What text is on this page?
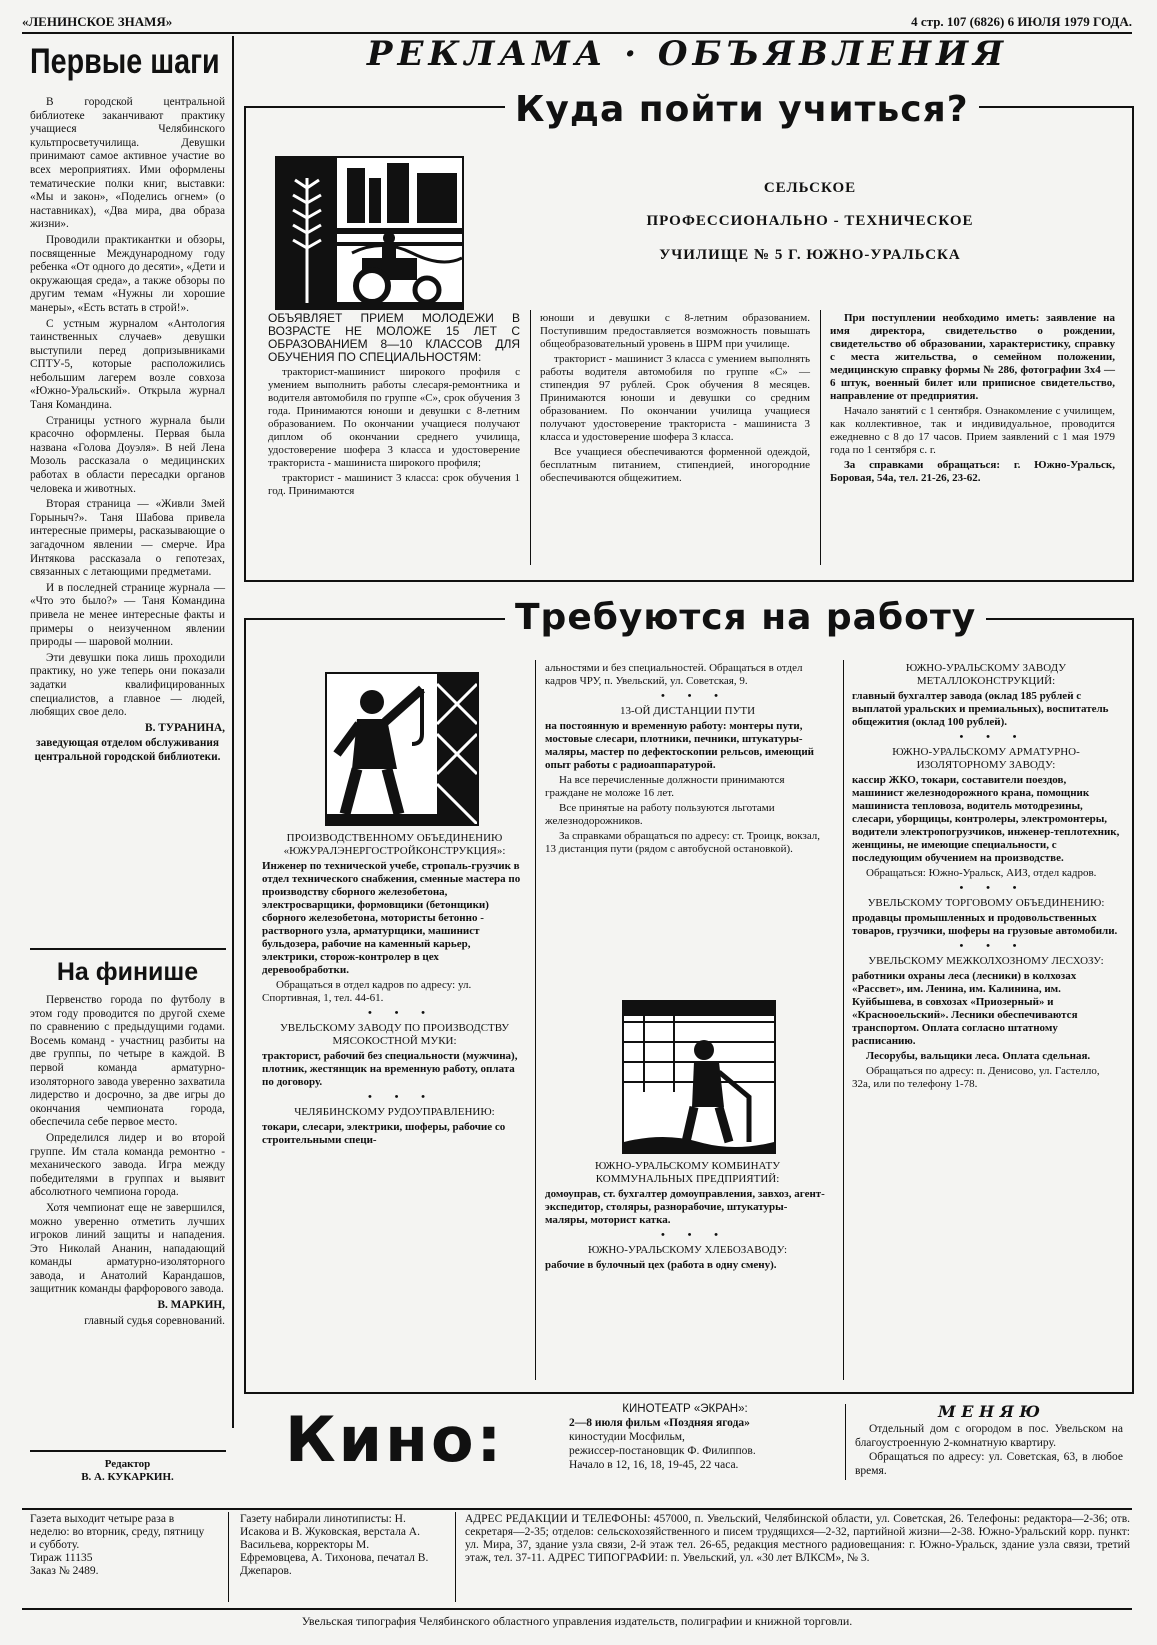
«ЛЕНИНСКОЕ ЗНАМЯ»	4 стр. 107 (6826) 6 ИЮЛЯ 1979 ГОДА.
Первые шаги

В городской центральной библиотеке заканчивают практику учащиеся Челябинского культпросветучилища. Девушки принимают самое активное участие во всех мероприятиях. Ими оформлены тематические полки книг, выставки: «Мы и закон», «Поделись огнем» (о наставниках), «Два мира, два образа жизни».

Проводили практикантки и обзоры, посвященные Международному году ребенка «От одного до десяти», «Дети и окружающая среда», а также обзоры по другим темам «Нужны ли хорошие манеры», «Есть встать в строй!».

С устным журналом «Антология таинственных случаев» девушки выступили перед допризывниками СПТУ-5, которые расположились небольшим лагерем возле совхоза «Южно-Уральский». Открыла журнал Таня Командина.

Страницы устного журнала были красочно оформлены. Первая была названа «Голова Доуэля». В ней Лена Мозоль рассказала о медицинских работах в области пересадки органов человека и животных.

Вторая страница — «Живли Змей Горыныч?». Таня Шабова привела интересные примеры, расказывающие о загадочном явлении — смерче. Ира Интякова рассказала о гепотезах, связанных с летающими предметами.

И в последней странице журнала — «Что это было?» — Таня Командина привела не менее интересные факты и примеры о неизученном явлении природы — шаровой молнии.

Эти девушки пока лишь проходили практику, но уже теперь они показали задатки квалифицированных специалистов, а главное — людей, любящих свое дело.

В. ТУРАНИНА,

заведующая отделом обслуживания центральной городской библиотеки.

На финише

Первенство города по футболу в этом году проводится по другой схеме по сравнению с предыдущими годами. Восемь команд - участниц разбиты на две группы, по четыре в каждой. В первой команда арматурно-изоляторного завода уверенно захватила лидерство и досрочно, за две игры до окончания чемпионата города, обеспечила себе первое место.

Определился лидер и во второй группе. Им стала команда ремонтно - механического завода. Игра между победителями в группах и выявит абсолютного чемпиона города.

Хотя чемпионат еще не завершился, можно уверенно отметить лучших игроков линий защиты и нападения. Это Николай Ананин, нападающий команды арматурно-изоляторного завода, и Анатолий Карандашов, защитник команды фарфорового завода.

В. МАРКИН,

главный судья соревнований.

Редактор
В. А. КУКАРКИН.
РЕКЛАМА · ОБЪЯВЛЕНИЯ
Куда пойти учиться?
СЕЛЬСКОЕ
ПРОФЕССИОНАЛЬНО - ТЕХНИЧЕСКОЕ
УЧИЛИЩЕ № 5 Г. ЮЖНО-УРАЛЬСКА

ОБЪЯВЛЯЕТ ПРИЕМ МОЛОДЕЖИ В ВОЗРАСТЕ НЕ МОЛОЖЕ 15 ЛЕТ С ОБРАЗОВАНИЕМ 8—10 КЛАССОВ ДЛЯ ОБУЧЕНИЯ ПО СПЕЦИАЛЬНОСТЯМ:

тракторист-машинист широкого профиля с умением выполнить работы слесаря-ремонтника и водителя автомобиля по группе «С», срок обучения 3 года. Принимаются юноши и девушки с 8-летним образованием. По окончании учащиеся получают диплом об окончании среднего училища, удостоверение шофера 3 класса и удостоверение тракториста - машиниста широкого профиля;

тракторист - машинист 3 класса: срок обучения 1 год. Принимаются

юноши и девушки с 8-летним образованием. Поступившим предоставляется возможность повышать общеобразовательный уровень в ШРМ при училище.

тракторист - машинист 3 класса с умением выполнять работы водителя автомобиля по группе «С» — стипендия 97 рублей. Срок обучения 8 месяцев. Принимаются юноши и девушки со средним образованием. По окончании училища учащиеся получают удостоверение тракториста - машиниста 3 класса и удостоверение шофера 3 класса.

Все учащиеся обеспечиваются форменной одеждой, бесплатным питанием, стипендией, иногородние обеспечиваются общежитием.

При поступлении необходимо иметь: заявление на имя директора, свидетельство о рождении, свидетельство об образовании, характеристику, справку с места жительства, о семейном положении, медицинскую справку формы № 286, фотографии 3х4 — 6 штук, военный билет или приписное свидетельство, направление от предприятия.

Начало занятий с 1 сентября. Ознакомление с училищем, как коллективное, так и индивидуальное, проводится ежедневно с 8 до 17 часов. Прием заявлений с 1 мая 1979 года по 1 сентября с. г.

За справками обращаться: г. Южно-Уральск, Боровая, 54а, тел. 21-26, 23-62.

Требуются на работу

ПРОИЗВОДСТВЕННОМУ ОБЪЕДИНЕНИЮ «ЮЖУРАЛЭНЕРГОСТРОЙКОНСТРУКЦИЯ»:

Инженер по технической учебе, стропаль-грузчик в отдел технического снабжения, сменные мастера по производству сборного железобетона, электросварщики, формовщики (бетонщики) сборного железобетона, мотористы бетонно - растворного узла, арматурщики, машинист бульдозера, рабочие на каменный карьер, электрики, сторож-контролер в цех деревообработки.

Обращаться в отдел кадров по адресу: ул. Спортивная, 1, тел. 44-61.

• • •

УВЕЛЬСКОМУ ЗАВОДУ ПО ПРОИЗВОДСТВУ МЯСОКОСТНОЙ МУКИ:

тракторист, рабочий без специальности (мужчина), плотник, жестянщик на временную работу, оплата по договору.

• • •

ЧЕЛЯБИНСКОМУ РУДОУПРАВЛЕНИЮ:

токари, слесари, электрики, шоферы, рабочие со строительными специ-

альностями и без специальностей. Обращаться в отдел кадров ЧРУ, п. Увельский, ул. Советская, 9.

• • •

13-ОЙ ДИСТАНЦИИ ПУТИ

на постоянную и временную работу: монтеры пути, мостовые слесари, плотники, печники, штукатуры-маляры, мастер по дефектоскопии рельсов, имеющий опыт работы с радиоаппаратурой.

На все перечисленные должности принимаются граждане не моложе 16 лет.

Все принятые на работу пользуются льготами железнодорожников.

За справками обращаться по адресу: ст. Троицк, вокзал, 13 дистанция пути (рядом с автобусной остановкой).

ЮЖНО-УРАЛЬСКОМУ КОМБИНАТУ КОММУНАЛЬНЫХ ПРЕДПРИЯТИЙ:

домоуправ, ст. бухгалтер домоуправления, завхоз, агент-экспедитор, столяры, разнорабочие, штукатуры-маляры, моторист катка.

• • •

ЮЖНО-УРАЛЬСКОМУ ХЛЕБОЗАВОДУ:

рабочие в булочный цех (работа в одну смену).

ЮЖНО-УРАЛЬСКОМУ ЗАВОДУ МЕТАЛЛОКОНСТРУКЦИЙ:

главный бухгалтер завода (оклад 185 рублей с выплатой уральских и премиальных), воспитатель общежития (оклад 100 рублей).

• • •

ЮЖНО-УРАЛЬСКОМУ АРМАТУРНО-ИЗОЛЯТОРНОМУ ЗАВОДУ:

кассир ЖКО, токари, составители поездов, машинист железнодорожного крана, помощник машиниста тепловоза, водитель мотодрезины, слесари, уборщицы, контролеры, электромонтеры, водители электропогрузчиков, инженер-теплотехник, женщины, не имеющие специальности, с последующим обучением на производстве.

Обращаться: Южно-Уральск, АИЗ, отдел кадров.

• • •

УВЕЛЬСКОМУ ТОРГОВОМУ ОБЪЕДИНЕНИЮ:

продавцы промышленных и продовольственных товаров, грузчики, шоферы на грузовые автомобили.

• • •

УВЕЛЬСКОМУ МЕЖКОЛХОЗНОМУ ЛЕСХОЗУ:

работники охраны леса (лесники) в колхозах «Рассвет», им. Ленина, им. Калинина, им. Куйбышева, в совхозах «Приозерный» и «Краснооельский». Лесники обеспечиваются транспортом. Оплата согласно штатному расписанию.

Лесорубы, вальщики леса. Оплата сдельная.

Обращаться по адресу: п. Денисово, ул. Гастелло, 32а, или по телефону 1-78.

Кино:	КИНОТЕАТР «ЭКРАН»:
2—8 июля фильм «Поздняя ягода»
киностудии Мосфильм,
режиссер-постановщик Ф. Филиппов.
Начало в 12, 16, 18, 19-45, 22 часа.
М Е Н Я Ю
Отдельный дом с огородом в пос. Увельском на благоустроенную 2-комнатную квартиру.
Обращаться по адресу: ул. Советская, 63, в любое время.
Газета выходит четыре раза в неделю: во вторник, среду, пятницу и субботу.
Тираж 11135
Заказ № 2489.
Газету набирали линотиписты: Н. Исакова и В. Жуковская, верстала А. Васильева, корректоры М. Ефремовцева, А. Тихонова, печатал В. Джепаров.
АДРЕС РЕДАКЦИИ И ТЕЛЕФОНЫ: 457000, п. Увельский, Челябинской области, ул. Советская, 26. Телефоны: редактора—2-36; отв. секретаря—2-35; отделов: сельскохозяйственного и писем трудящихся—2-32, партийной жизни—2-38. Южно-Уральский корр. пункт: ул. Мира, 37, здание узла связи, 2-й этаж тел. 26-65, редакция местного радиовещания: г. Южно-Уральск, здание узла связи, третий этаж, тел. 37-11. АДРЕС ТИПОГРАФИИ: п. Увельский, ул. «30 лет ВЛКСМ», № 3.
Увельская типография Челябинского областного управления издательств, полиграфии и книжной торговли.
